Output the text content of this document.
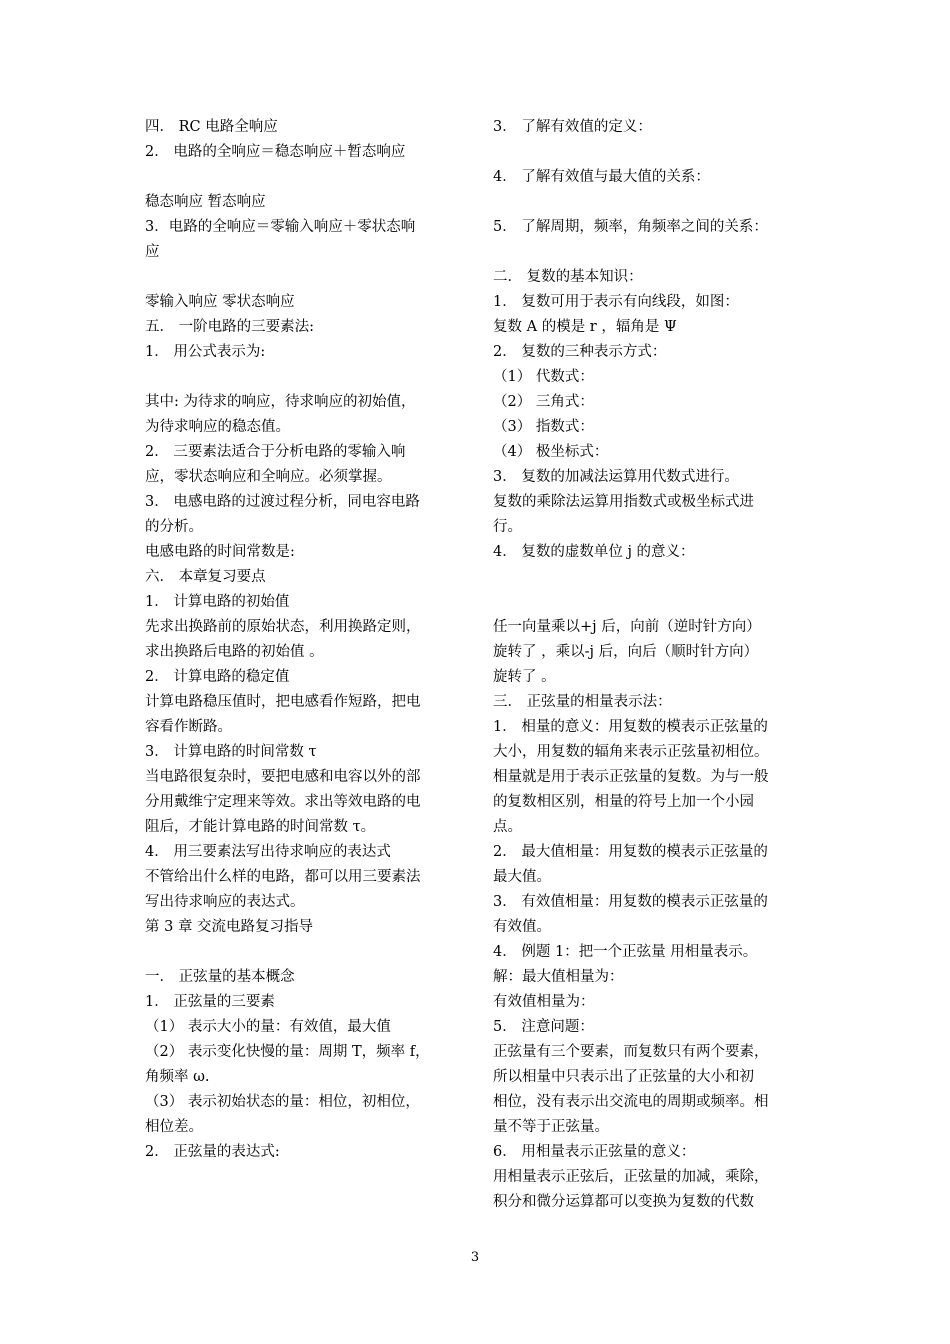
四． RC 电路全响应
2． 电路的全响应＝稳态响应＋暂态响应
稳态响应 暂态响应
3．电路的全响应＝零输入响应＋零状态响
应
零输入响应 零状态响应
五． 一阶电路的三要素法:
1． 用公式表示为:
其中: 为待求的响应，待求响应的初始值，
为待求响应的稳态值。
2． 三要素法适合于分析电路的零输入响
应，零状态响应和全响应。必须掌握。
3． 电感电路的过渡过程分析，同电容电路
的分析。
电感电路的时间常数是:
六． 本章复习要点
1． 计算电路的初始值
先求出换路前的原始状态，利用换路定则，
求出换路后电路的初始值 。
2． 计算电路的稳定值
计算电路稳压值时，把电感看作短路，把电
容看作断路。
3． 计算电路的时间常数 τ
当电路很复杂时，要把电感和电容以外的部
分用戴维宁定理来等效。求出等效电路的电
阻后，才能计算电路的时间常数 τ。
4． 用三要素法写出待求响应的表达式
不管给出什么样的电路，都可以用三要素法
写出待求响应的表达式。
第 3 章 交流电路复习指导
一． 正弦量的基本概念
1． 正弦量的三要素
（1） 表示大小的量：有效值，最大值
（2） 表示变化快慢的量：周期 T，频率 f，
角频率 ω.
（3） 表示初始状态的量：相位，初相位，
相位差。
2． 正弦量的表达式:
3． 了解有效值的定义：
4． 了解有效值与最大值的关系：
5． 了解周期，频率，角频率之间的关系：
二． 复数的基本知识：
1． 复数可用于表示有向线段，如图：
复数 A 的模是 r ，辐角是 Ψ
2． 复数的三种表示方式：
（1） 代数式：
（2） 三角式：
（3） 指数式：
（4） 极坐标式：
3． 复数的加减法运算用代数式进行。
复数的乘除法运算用指数式或极坐标式进
行。
4． 复数的虚数单位 j 的意义：
任一向量乘以+j 后，向前（逆时针方向）
旋转了 ，乘以-j 后，向后（顺时针方向）
旋转了 。
三． 正弦量的相量表示法：
1． 相量的意义：用复数的模表示正弦量的
大小，用复数的辐角来表示正弦量初相位。
相量就是用于表示正弦量的复数。为与一般
的复数相区别，相量的符号上加一个小园
点。
2． 最大值相量：用复数的模表示正弦量的
最大值。
3． 有效值相量：用复数的模表示正弦量的
有效值。
4． 例题 1：把一个正弦量 用相量表示。
解：最大值相量为：
有效值相量为：
5． 注意问题：
正弦量有三个要素，而复数只有两个要素，
所以相量中只表示出了正弦量的大小和初
相位，没有表示出交流电的周期或频率。相
量不等于正弦量。
6． 用相量表示正弦量的意义：
用相量表示正弦后，正弦量的加减，乘除，
积分和微分运算都可以变换为复数的代数
3
